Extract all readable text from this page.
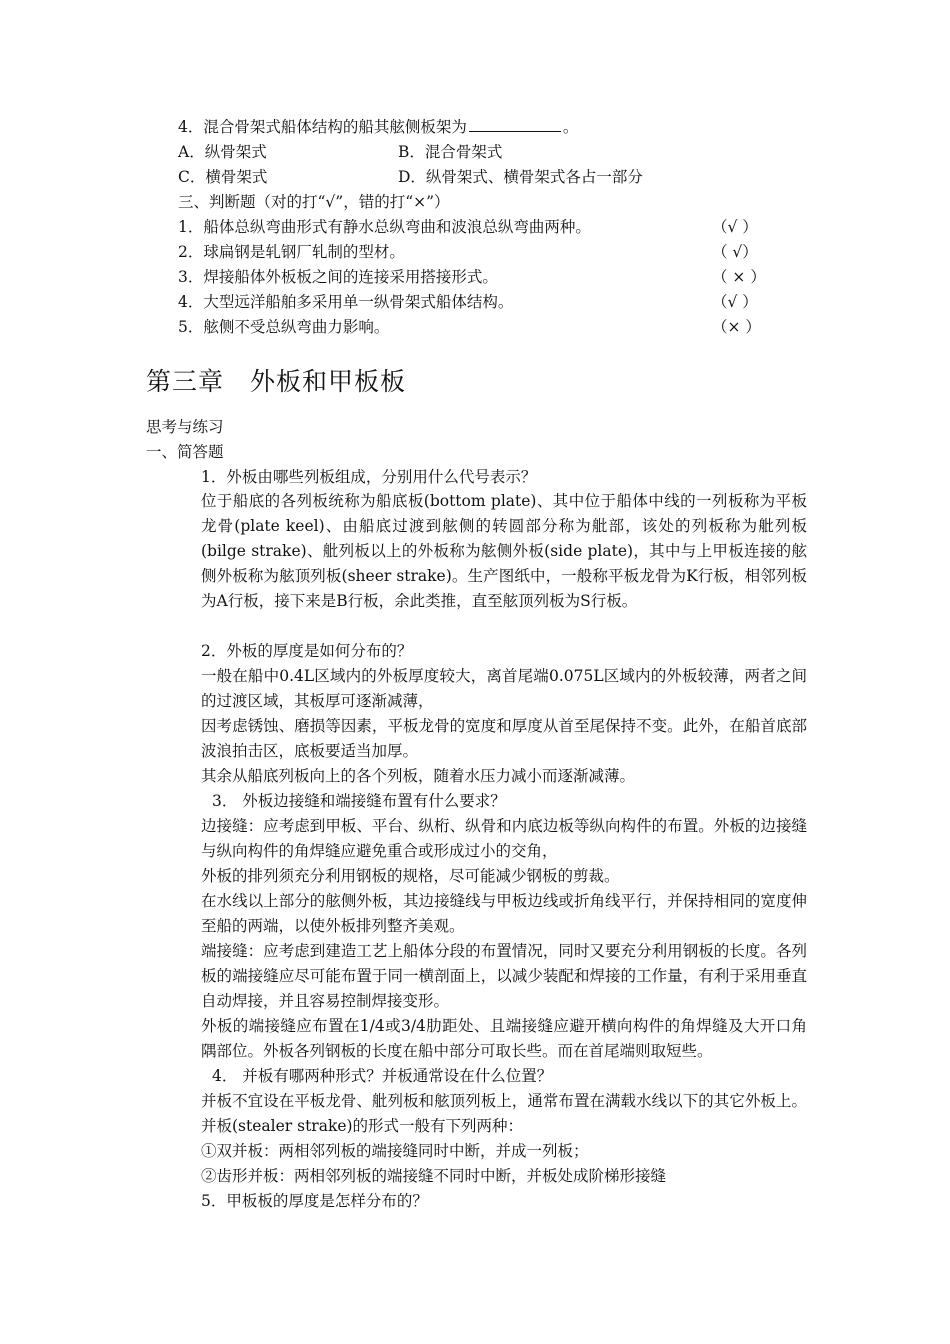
4．混合骨架式船体结构的船其舷侧板架为	。
A．纵骨架式	B．混合骨架式
C．横骨架式	D．纵骨架式、横骨架式各占一部分
三、判断题（对的打“√”，错的打“×”）
1．船体总纵弯曲形式有静水总纵弯曲和波浪总纵弯曲两种。	（√ ）
2．球扁钢是轧钢厂轧制的型材。	（ √）
3．焊接船体外板板之间的连接采用搭接形式。	（ × ）
4．大型远洋船舶多采用单一纵骨架式船体结构。	（√ ）
5．舷侧不受总纵弯曲力影响。	（× ）
第三章　外板和甲板板
思考与练习
一、简答题
1．外板由哪些列板组成，分别用什么代号表示？
位于船底的各列板统称为船底板(bottom plate)、其中位于船体中线的一列板称为平板龙骨(plate keel)、由船底过渡到舷侧的转圆部分称为舭部，该处的列板称为舭列板(bilge strake)、舭列板以上的外板称为舷侧外板(side plate)，其中与上甲板连接的舷侧外板称为舷顶列板(sheer strake)。生产图纸中，一般称平板龙骨为K行板，相邻列板为A行板，接下来是B行板，余此类推，直至舷顶列板为S行板。
2．外板的厚度是如何分布的？
一般在船中0.4L区域内的外板厚度较大，离首尾端0.075L区域内的外板较薄，两者之间的过渡区域，其板厚可逐渐减薄，
因考虑锈蚀、磨损等因素，平板龙骨的宽度和厚度从首至尾保持不变。此外，在船首底部波浪拍击区，底板要适当加厚。
其余从船底列板向上的各个列板，随着水压力减小而逐渐减薄。
3． 外板边接缝和端接缝布置有什么要求？
边接缝：应考虑到甲板、平台、纵桁、纵骨和内底边板等纵向构件的布置。外板的边接缝与纵向构件的角焊缝应避免重合或形成过小的交角，
外板的排列须充分利用钢板的规格，尽可能减少钢板的剪裁。
在水线以上部分的舷侧外板，其边接缝线与甲板边线或折角线平行，并保持相同的宽度伸至船的两端，以使外板排列整齐美观。
端接缝：应考虑到建造工艺上船体分段的布置情况，同时又要充分利用钢板的长度。各列板的端接缝应尽可能布置于同一横剖面上，以减少装配和焊接的工作量，有利于采用垂直自动焊接，并且容易控制焊接变形。
外板的端接缝应布置在1/4或3/4肋距处、且端接缝应避开横向构件的角焊缝及大开口角隅部位。外板各列钢板的长度在船中部分可取长些。而在首尾端则取短些。
4． 并板有哪两种形式？并板通常设在什么位置？
并板不宜设在平板龙骨、舭列板和舷顶列板上，通常布置在满载水线以下的其它外板上。并板(stealer strake)的形式一般有下列两种：
①双并板：两相邻列板的端接缝同时中断，并成一列板；
②齿形并板：两相邻列板的端接缝不同时中断，并板处成阶梯形接缝
5．甲板板的厚度是怎样分布的？
